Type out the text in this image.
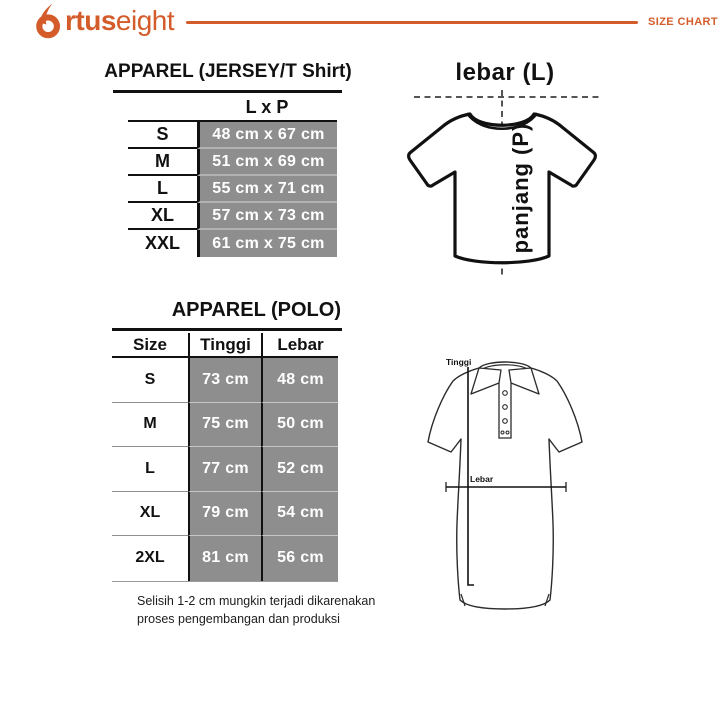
rtuseight	SIZE CHART
APPAREL (JERSEY/T Shirt)
L x P
S	48 cm x 67 cm
M	51 cm x 69 cm
L	55 cm x 71 cm
XL	57 cm x 73 cm
XXL	61 cm x 75 cm
APPAREL (POLO)
Size	Tinggi	Lebar
S	73 cm	48 cm
M	75 cm	50 cm
L	77 cm	52 cm
XL	79 cm	54 cm
2XL	81 cm	56 cm
Selisih 1-2 cm mungkin terjadi dikarenakan
proses pengembangan dan produksi
lebar (L)
panjang (P)
Tinggi
Lebar
